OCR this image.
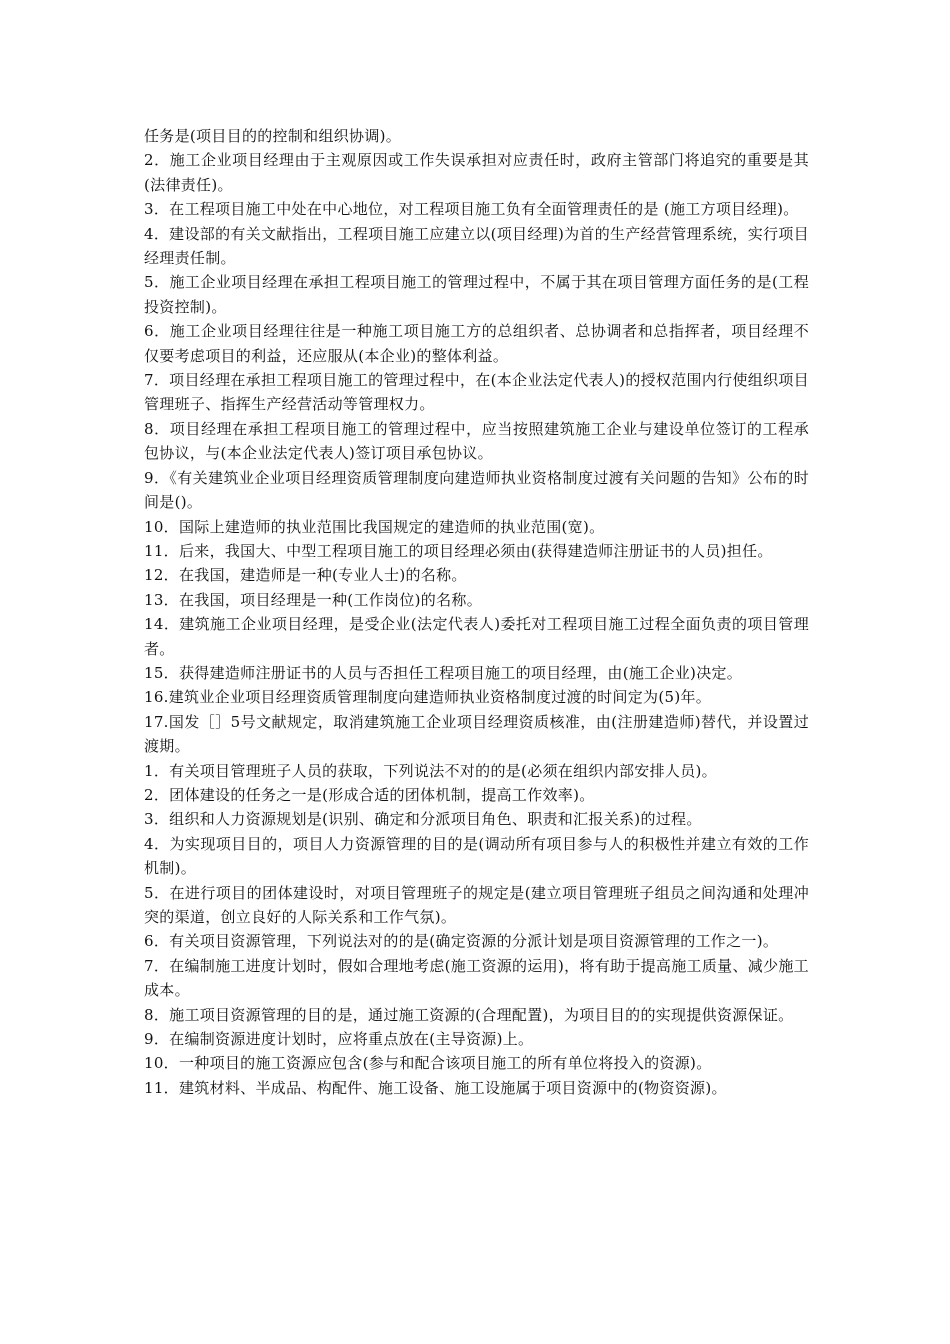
任务是(项目目的的控制和组织协调)。

2．施工企业项目经理由于主观原因或工作失误承担对应责任时，政府主管部门将追究的重要是其(法律责任)。

3．在工程项目施工中处在中心地位，对工程项目施工负有全面管理责任的是 (施工方项目经理)。

4．建设部的有关文献指出，工程项目施工应建立以(项目经理)为首的生产经营管理系统，实行项目经理责任制。

5．施工企业项目经理在承担工程项目施工的管理过程中，不属于其在项目管理方面任务的是(工程投资控制)。

6．施工企业项目经理往往是一种施工项目施工方的总组织者、总协调者和总指挥者，项目经理不仅要考虑项目的利益，还应服从(本企业)的整体利益。

7．项目经理在承担工程项目施工的管理过程中，在(本企业法定代表人)的授权范围内行使组织项目管理班子、指挥生产经营活动等管理权力。

8．项目经理在承担工程项目施工的管理过程中，应当按照建筑施工企业与建设单位签订的工程承包协议，与(本企业法定代表人)签订项目承包协议。

9．《有关建筑业企业项目经理资质管理制度向建造师执业资格制度过渡有关问题的告知》公布的时间是()。

10．国际上建造师的执业范围比我国规定的建造师的执业范围(宽)。

11．后来，我国大、中型工程项目施工的项目经理必须由(获得建造师注册证书的人员)担任。

12．在我国，建造师是一种(专业人士)的名称。

13．在我国，项目经理是一种(工作岗位)的名称。

14．建筑施工企业项目经理，是受企业(法定代表人)委托对工程项目施工过程全面负责的项目管理者。

15．获得建造师注册证书的人员与否担任工程项目施工的项目经理，由(施工企业)决定。

16.建筑业企业项目经理资质管理制度向建造师执业资格制度过渡的时间定为(5)年。

17.国发［］5号文献规定，取消建筑施工企业项目经理资质核准，由(注册建造师)替代，并设置过渡期。

1．有关项目管理班子人员的获取，下列说法不对的的是(必须在组织内部安排人员)。

2．团体建设的任务之一是(形成合适的团体机制，提高工作效率)。

3．组织和人力资源规划是(识别、确定和分派项目角色、职责和汇报关系)的过程。

4．为实现项目目的，项目人力资源管理的目的是(调动所有项目参与人的积极性并建立有效的工作机制)。

5．在进行项目的团体建设时，对项目管理班子的规定是(建立项目管理班子组员之间沟通和处理冲突的渠道，创立良好的人际关系和工作气氛)。

6．有关项目资源管理，下列说法对的的是(确定资源的分派计划是项目资源管理的工作之一)。

7．在编制施工进度计划时，假如合理地考虑(施工资源的运用)，将有助于提高施工质量、减少施工成本。

8．施工项目资源管理的目的是，通过施工资源的(合理配置)，为项目目的的实现提供资源保证。

9．在编制资源进度计划时，应将重点放在(主导资源)上。

10．一种项目的施工资源应包含(参与和配合该项目施工的所有单位将投入的资源)。

11．建筑材料、半成品、构配件、施工设备、施工设施属于项目资源中的(物资资源)。
